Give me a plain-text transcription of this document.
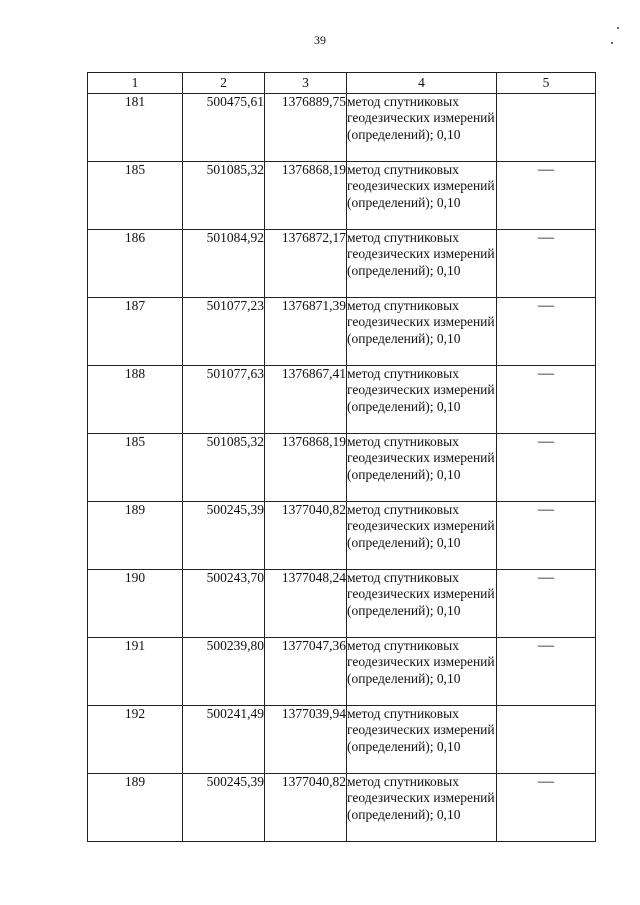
39
1	2	3	4	5
181	500475,61	1376889,75	метод спутниковых геодезических измерений (определений); 0,10	
185	501085,32	1376868,19	метод спутниковых геодезических измерений (определений); 0,10	—
186	501084,92	1376872,17	метод спутниковых геодезических измерений (определений); 0,10	—
187	501077,23	1376871,39	метод спутниковых геодезических измерений (определений); 0,10	—
188	501077,63	1376867,41	метод спутниковых геодезических измерений (определений); 0,10	—
185	501085,32	1376868,19	метод спутниковых геодезических измерений (определений); 0,10	—
189	500245,39	1377040,82	метод спутниковых геодезических измерений (определений); 0,10	—
190	500243,70	1377048,24	метод спутниковых геодезических измерений (определений); 0,10	—
191	500239,80	1377047,36	метод спутниковых геодезических измерений (определений); 0,10	—
192	500241,49	1377039,94	метод спутниковых геодезических измерений (определений); 0,10	
189	500245,39	1377040,82	метод спутниковых геодезических измерений (определений); 0,10	—
